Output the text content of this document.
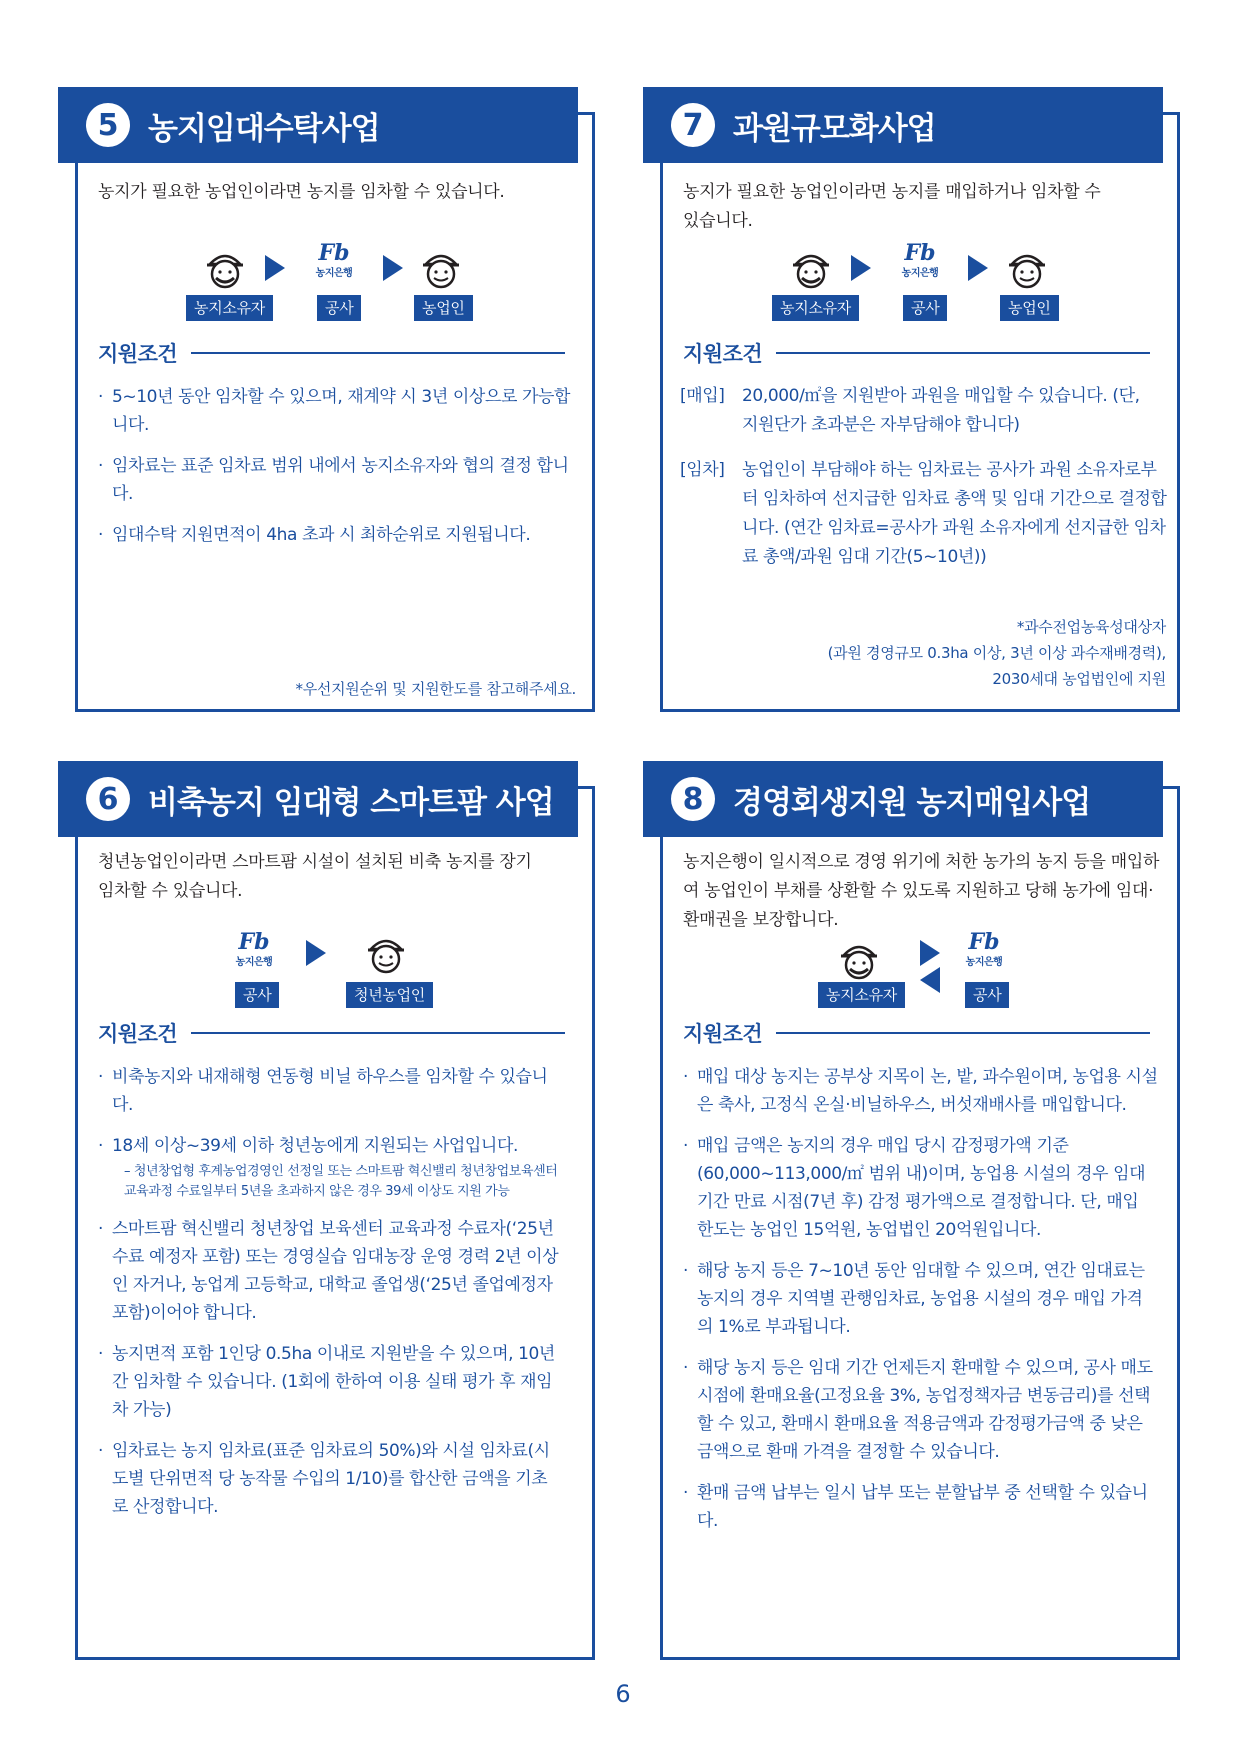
5 농지임대수탁사업
농지가 필요한 농업인이라면 농지를 임차할 수 있습니다.
Fb
농지은행
농지소유자	공사	농업인
지원조건
· 5~10년 동안 임차할 수 있으며, 재계약 시 3년 이상으로 가능합니다.
· 임차료는 표준 임차료 범위 내에서 농지소유자와 협의 결정 합니다.
· 임대수탁 지원면적이 4ha 초과 시 최하순위로 지원됩니다.
*우선지원순위 및 지원한도를 참고해주세요.
7 과원규모화사업
농지가 필요한 농업인이라면 농지를 매입하거나 임차할 수 있습니다.
Fb
농지은행
농지소유자	공사	농업인
지원조건
[매입] 20,000/㎡을 지원받아 과원을 매입할 수 있습니다. (단, 지원단가 초과분은 자부담해야 합니다)
[임차] 농업인이 부담해야 하는 임차료는 공사가 과원 소유자로부터 임차하여 선지급한 임차료 총액 및 임대 기간으로 결정합니다. (연간 임차료=공사가 과원 소유자에게 선지급한 임차료 총액/과원 임대 기간(5~10년))
*과수전업농육성대상자
(과원 경영규모 0.3ha 이상, 3년 이상 과수재배경력),
2030세대 농업법인에 지원
6 비축농지 임대형 스마트팜 사업
청년농업인이라면 스마트팜 시설이 설치된 비축 농지를 장기 임차할 수 있습니다.
Fb
농지은행
공사	청년농업인
지원조건
· 비축농지와 내재해형 연동형 비닐 하우스를 임차할 수 있습니다.
· 18세 이상~39세 이하 청년농에게 지원되는 사업입니다.
– 청년창업형 후계농업경영인 선정일 또는 스마트팜 혁신밸리 청년창업보육센터 교육과정 수료일부터 5년을 초과하지 않은 경우 39세 이상도 지원 가능
· 스마트팜 혁신밸리 청년창업 보육센터 교육과정 수료자(‘25년 수료 예정자 포함) 또는 경영실습 임대농장 운영 경력 2년 이상인 자거나, 농업계 고등학교, 대학교 졸업생(‘25년 졸업예정자 포함)이어야 합니다.
· 농지면적 포함 1인당 0.5ha 이내로 지원받을 수 있으며, 10년간 임차할 수 있습니다. (1회에 한하여 이용 실태 평가 후 재임차 가능)
· 임차료는 농지 임차료(표준 임차료의 50%)와 시설 임차료(시도별 단위면적 당 농작물 수입의 1/10)를 합산한 금액을 기초로 산정합니다.
8 경영회생지원 농지매입사업
농지은행이 일시적으로 경영 위기에 처한 농가의 농지 등을 매입하여 농업인이 부채를 상환할 수 있도록 지원하고 당해 농가에 임대·환매권을 보장합니다.
Fb
농지은행
농지소유자	공사
지원조건
· 매입 대상 농지는 공부상 지목이 논, 밭, 과수원이며, 농업용 시설은 축사, 고정식 온실·비닐하우스, 버섯재배사를 매입합니다.
· 매입 금액은 농지의 경우 매입 당시 감정평가액 기준 (60,000~113,000/㎡ 범위 내)이며, 농업용 시설의 경우 임대 기간 만료 시점(7년 후) 감정 평가액으로 결정합니다. 단, 매입 한도는 농업인 15억원, 농업법인 20억원입니다.
· 해당 농지 등은 7~10년 동안 임대할 수 있으며, 연간 임대료는 농지의 경우 지역별 관행임차료, 농업용 시설의 경우 매입 가격의 1%로 부과됩니다.
· 해당 농지 등은 임대 기간 언제든지 환매할 수 있으며, 공사 매도 시점에 환매요율(고정요율 3%, 농업정책자금 변동금리)를 선택할 수 있고, 환매시 환매요율 적용금액과 감정평가금액 중 낮은 금액으로 환매 가격을 결정할 수 있습니다.
· 환매 금액 납부는 일시 납부 또는 분할납부 중 선택할 수 있습니다.
6
